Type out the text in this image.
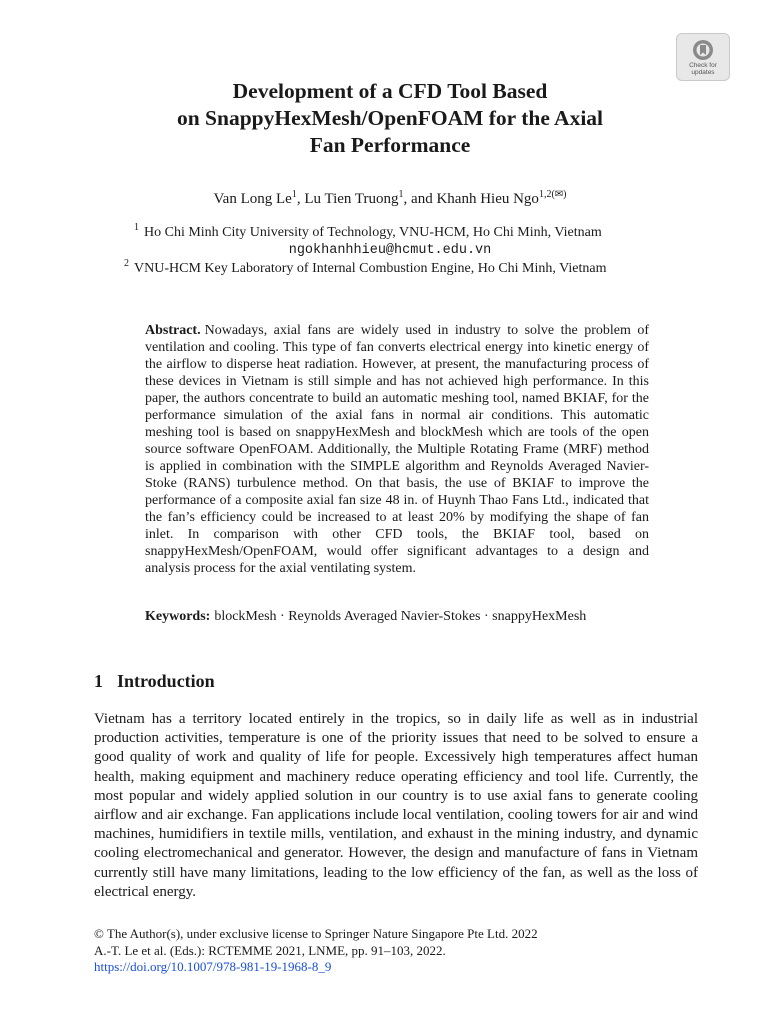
Check for
updates
Development of a CFD Tool Based
on SnappyHexMesh/OpenFOAM for the Axial
Fan Performance
Van Long Le$^1$, Lu Tien Truong$^1$, and Khanh Hieu Ngo$^{1,2(✉)}$
$^1$ Ho Chi Minh City University of Technology, VNU-HCM, Ho Chi Minh, Vietnam
ngokhanhhieu@hcmut.edu.vn
$^2$ VNU-HCM Key Laboratory of Internal Combustion Engine, Ho Chi Minh, Vietnam

Abstract. Nowadays, axial fans are widely used in industry to solve the problem of ventilation and cooling. This type of fan converts electrical energy into kinetic energy of the airflow to disperse heat radiation. However, at present, the manufacturing process of these devices in Vietnam is still simple and has not achieved high performance. In this paper, the authors concentrate to build an automatic meshing tool, named BKIAF, for the performance simulation of the axial fans in normal air conditions. This automatic meshing tool is based on snappyHexMesh and blockMesh which are tools of the open source software OpenFOAM. Additionally, the Multiple Rotating Frame (MRF) method is applied in combination with the SIMPLE algorithm and Reynolds Averaged Navier-Stoke (RANS) turbulence method. On that basis, the use of BKIAF to improve the performance of a composite axial fan size 48 in. of Huynh Thao Fans Ltd., indicated that the fan’s efficiency could be increased to at least 20% by modifying the shape of fan inlet. In comparison with other CFD tools, the BKIAF tool, based on snappyHexMesh/OpenFOAM, would offer significant advantages to a design and analysis process for the axial ventilating system.

Keywords: blockMesh · Reynolds Averaged Navier-Stokes · snappyHexMesh
1 Introduction

Vietnam has a territory located entirely in the tropics, so in daily life as well as in industrial production activities, temperature is one of the priority issues that need to be solved to ensure a good quality of work and quality of life for people. Excessively high temperatures affect human health, making equipment and machinery reduce operating efficiency and tool life. Currently, the most popular and widely applied solution in our country is to use axial fans to generate cooling airflow and air exchange. Fan applications include local ventilation, cooling towers for air and wind machines, humidifiers in textile mills, ventilation, and exhaust in the mining industry, and dynamic cooling electromechanical and generator. However, the design and manufacture of fans in Vietnam currently still have many limitations, leading to the low efficiency of the fan, as well as the loss of electrical energy.

© The Author(s), under exclusive license to Springer Nature Singapore Pte Ltd. 2022
A.-T. Le et al. (Eds.): RCTEMME 2021, LNME, pp. 91–103, 2022.
https://doi.org/10.1007/978-981-19-1968-8_9
